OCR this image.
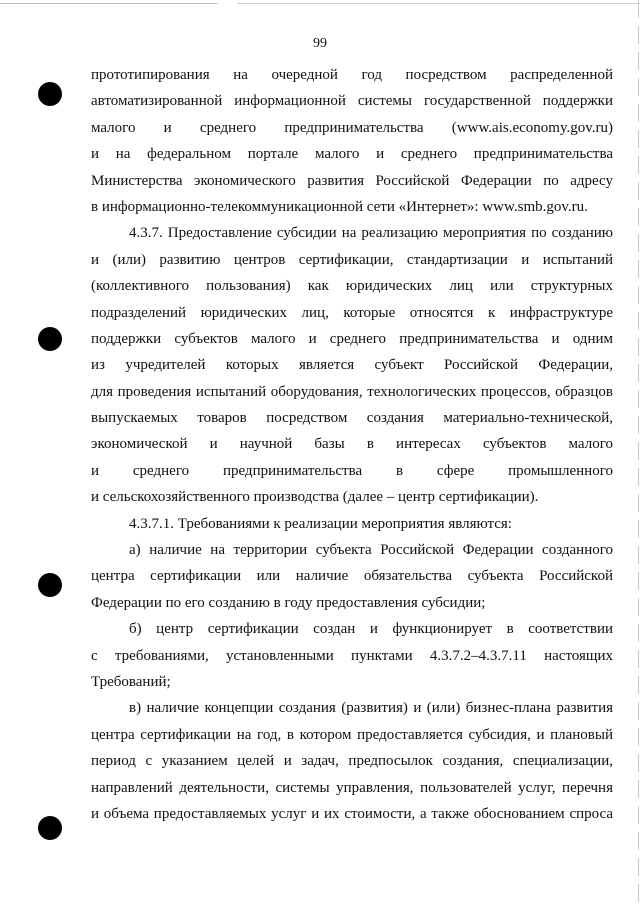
99
прототипирования на очередной год посредством распределенной
автоматизированной информационной системы государственной поддержки
малого и среднего предпринимательства (www.ais.economy.gov.ru)
и на федеральном портале малого и среднего предпринимательства
Министерства экономического развития Российской Федерации по адресу
в информационно-телекоммуникационной сети «Интернет»: www.smb.gov.ru.
4.3.7. Предоставление субсидии на реализацию мероприятия по созданию
и (или) развитию центров сертификации, стандартизации и испытаний
(коллективного пользования) как юридических лиц или структурных
подразделений юридических лиц, которые относятся к инфраструктуре
поддержки субъектов малого и среднего предпринимательства и одним
из учредителей которых является субъект Российской Федерации,
для проведения испытаний оборудования, технологических процессов, образцов
выпускаемых товаров посредством создания материально-технической,
экономической и научной базы в интересах субъектов малого
и среднего предпринимательства в сфере промышленного
и сельскохозяйственного производства (далее – центр сертификации).
4.3.7.1. Требованиями к реализации мероприятия являются:
а) наличие на территории субъекта Российской Федерации созданного
центра сертификации или наличие обязательства субъекта Российской
Федерации по его созданию в году предоставления субсидии;
б) центр сертификации создан и функционирует в соответствии
с требованиями, установленными пунктами 4.3.7.2–4.3.7.11 настоящих
Требований;
в) наличие концепции создания (развития) и (или) бизнес-плана развития
центра сертификации на год, в котором предоставляется субсидия, и плановый
период с указанием целей и задач, предпосылок создания, специализации,
направлений деятельности, системы управления, пользователей услуг, перечня
и объема предоставляемых услуг и их стоимости, а также обоснованием спроса
